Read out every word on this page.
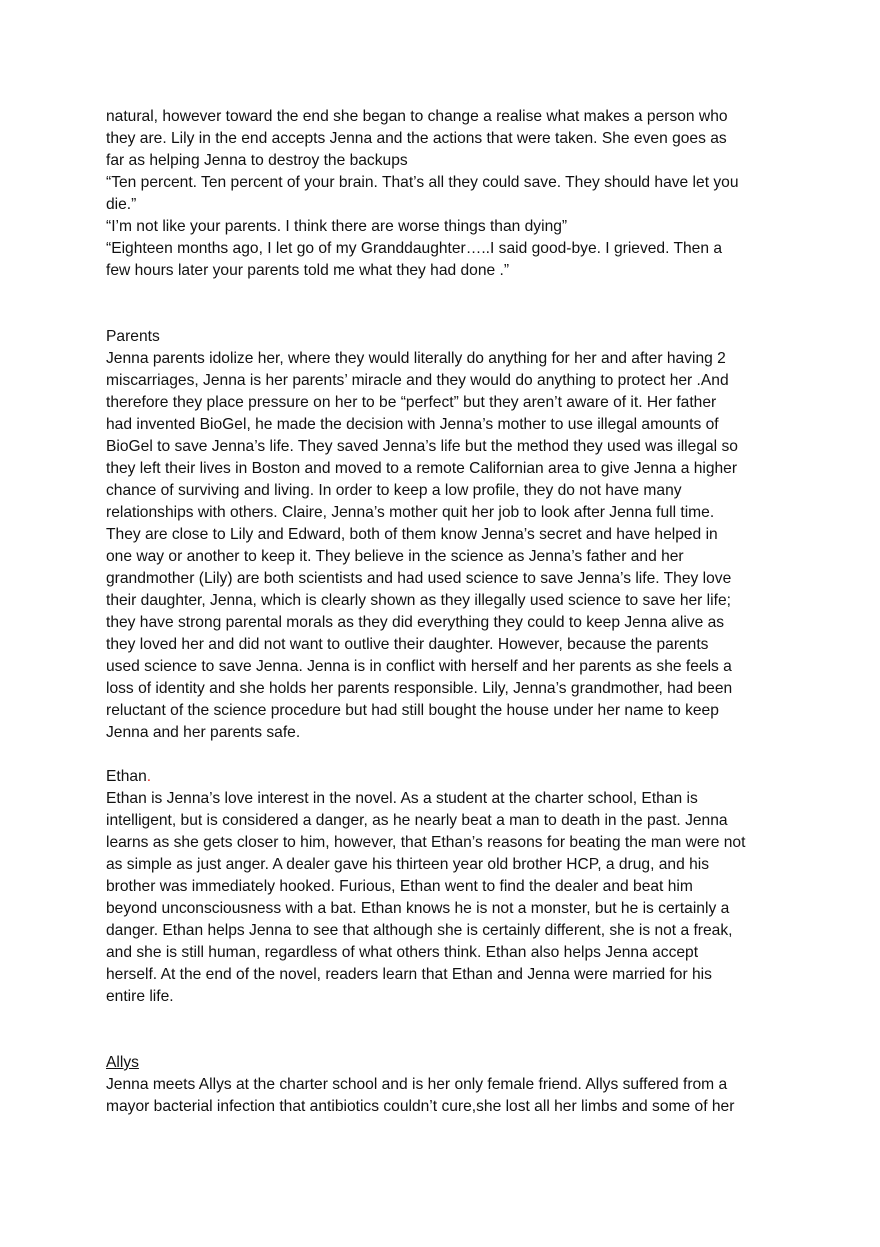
natural, however toward the end she began to change a realise what makes a person who
they are. Lily in the end accepts Jenna and the actions that were taken. She even goes as
far as helping Jenna to destroy the backups
“Ten percent. Ten percent of your brain. That’s all they could save. They should have let you
die.”
“I’m not like your parents. I think there are worse things than dying”
“Eighteen months ago, I let go of my Granddaughter…..I said good-bye. I grieved. Then a
few hours later your parents told me what they had done .”
Parents
Jenna parents idolize her, where they would literally do anything for her and after having 2
miscarriages, Jenna is her parents’ miracle and they would do anything to protect her .And
therefore they place pressure on her to be “perfect” but they aren’t aware of it. Her father
had invented BioGel, he made the decision with Jenna’s mother to use illegal amounts of
BioGel to save Jenna’s life. They saved Jenna’s life but the method they used was illegal so
they left their lives in Boston and moved to a remote Californian area to give Jenna a higher
chance of surviving and living. In order to keep a low profile, they do not have many
relationships with others. Claire, Jenna’s mother quit her job to look after Jenna full time.
They are close to Lily and Edward, both of them know Jenna’s secret and have helped in
one way or another to keep it. They believe in the science as Jenna’s father and her
grandmother (Lily) are both scientists and had used science to save Jenna’s life. They love
their daughter, Jenna, which is clearly shown as they illegally used science to save her life;
they have strong parental morals as they did everything they could to keep Jenna alive as
they loved her and did not want to outlive their daughter. However, because the parents
used science to save Jenna. Jenna is in conflict with herself and her parents as she feels a
loss of identity and she holds her parents responsible. Lily, Jenna’s grandmother, had been
reluctant of the science procedure but had still bought the house under her name to keep
Jenna and her parents safe.
Ethan.
Ethan is Jenna’s love interest in the novel. As a student at the charter school, Ethan is
intelligent, but is considered a danger, as he nearly beat a man to death in the past. Jenna
learns as she gets closer to him, however, that Ethan’s reasons for beating the man were not
as simple as just anger. A dealer gave his thirteen year old brother HCP, a drug, and his
brother was immediately hooked. Furious, Ethan went to find the dealer and beat him
beyond unconsciousness with a bat. Ethan knows he is not a monster, but he is certainly a
danger. Ethan helps Jenna to see that although she is certainly different, she is not a freak,
and she is still human, regardless of what others think. Ethan also helps Jenna accept
herself. At the end of the novel, readers learn that Ethan and Jenna were married for his
entire life.
Allys
Jenna meets Allys at the charter school and is her only female friend. Allys suffered from a
mayor bacterial infection that antibiotics couldn’t cure,she lost all her limbs and some of her
